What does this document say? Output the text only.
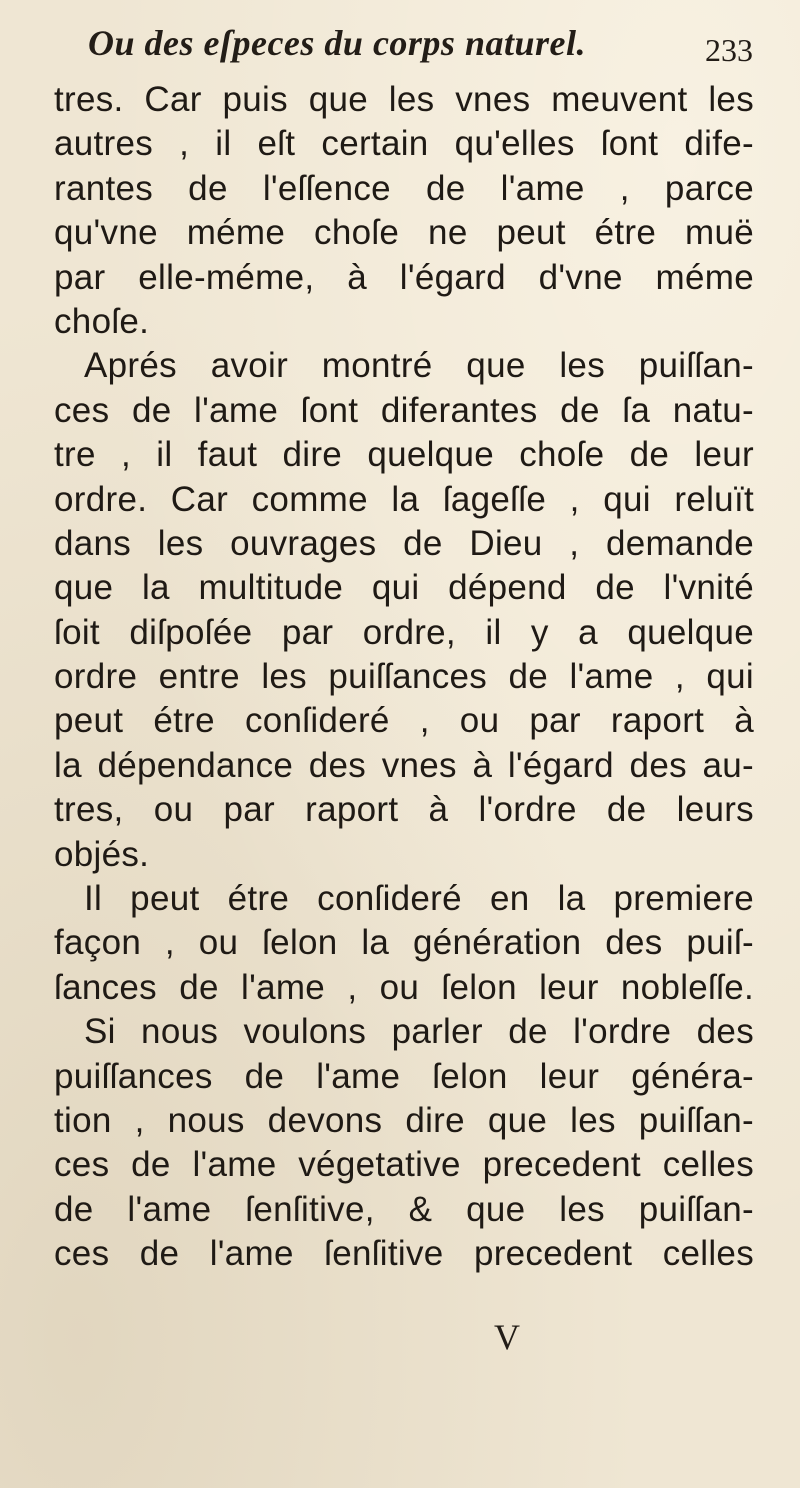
Ou des eſpeces du corps naturel.	233
tres. Car puis que les vnes meuvent les
autres , il eſt certain qu'elles ſont dife-
rantes de l'eſſence de l'ame , parce
qu'vne méme choſe ne peut étre muë
par elle-méme, à l'égard d'vne méme
choſe.
Aprés avoir montré que les puiſſan-
ces de l'ame ſont diferantes de ſa natu-
tre , il faut dire quelque choſe de leur
ordre. Car comme la ſageſſe , qui reluït
dans les ouvrages de Dieu , demande
que la multitude qui dépend de l'vnité
ſoit diſpoſée par ordre, il y a quelque
ordre entre les puiſſances de l'ame , qui
peut étre conſideré , ou par raport à
la dépendance des vnes à l'égard des au-
tres, ou par raport à l'ordre de leurs
objés.
Il peut étre conſideré en la premiere
façon , ou ſelon la génération des puiſ-
ſances de l'ame , ou ſelon leur nobleſſe.
Si nous voulons parler de l'ordre des
puiſſances de l'ame ſelon leur généra-
tion , nous devons dire que les puiſſan-
ces de l'ame végetative precedent celles
de l'ame ſenſitive, & que les puiſſan-
ces de l'ame ſenſitive precedent celles
V
